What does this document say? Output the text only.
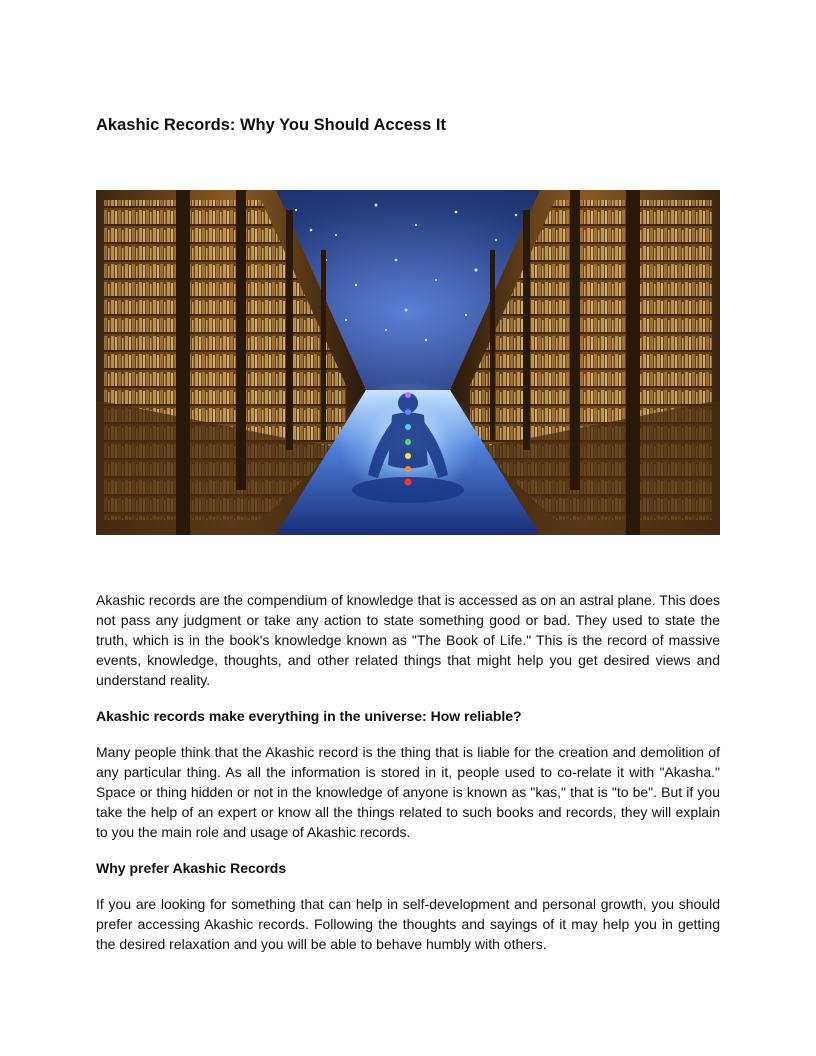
Akashic Records: Why You Should Access It

Akashic records are the compendium of knowledge that is accessed as on an astral plane. This does not pass any judgment or take any action to state something good or bad. They used to state the truth, which is in the book's knowledge known as "The Book of Life." This is the record of massive events, knowledge, thoughts, and other related things that might help you get desired views and understand reality.

Akashic records make everything in the universe: How reliable?

Many people think that the Akashic record is the thing that is liable for the creation and demolition of any particular thing. As all the information is stored in it, people used to co-relate it with "Akasha." Space or thing hidden or not in the knowledge of anyone is known as "kas," that is "to be". But if you take the help of an expert or know all the things related to such books and records, they will explain to you the main role and usage of Akashic records.

Why prefer Akashic Records

If you are looking for something that can help in self-development and personal growth, you should prefer accessing Akashic records. Following the thoughts and sayings of it may help you in getting the desired relaxation and you will be able to behave humbly with others.
